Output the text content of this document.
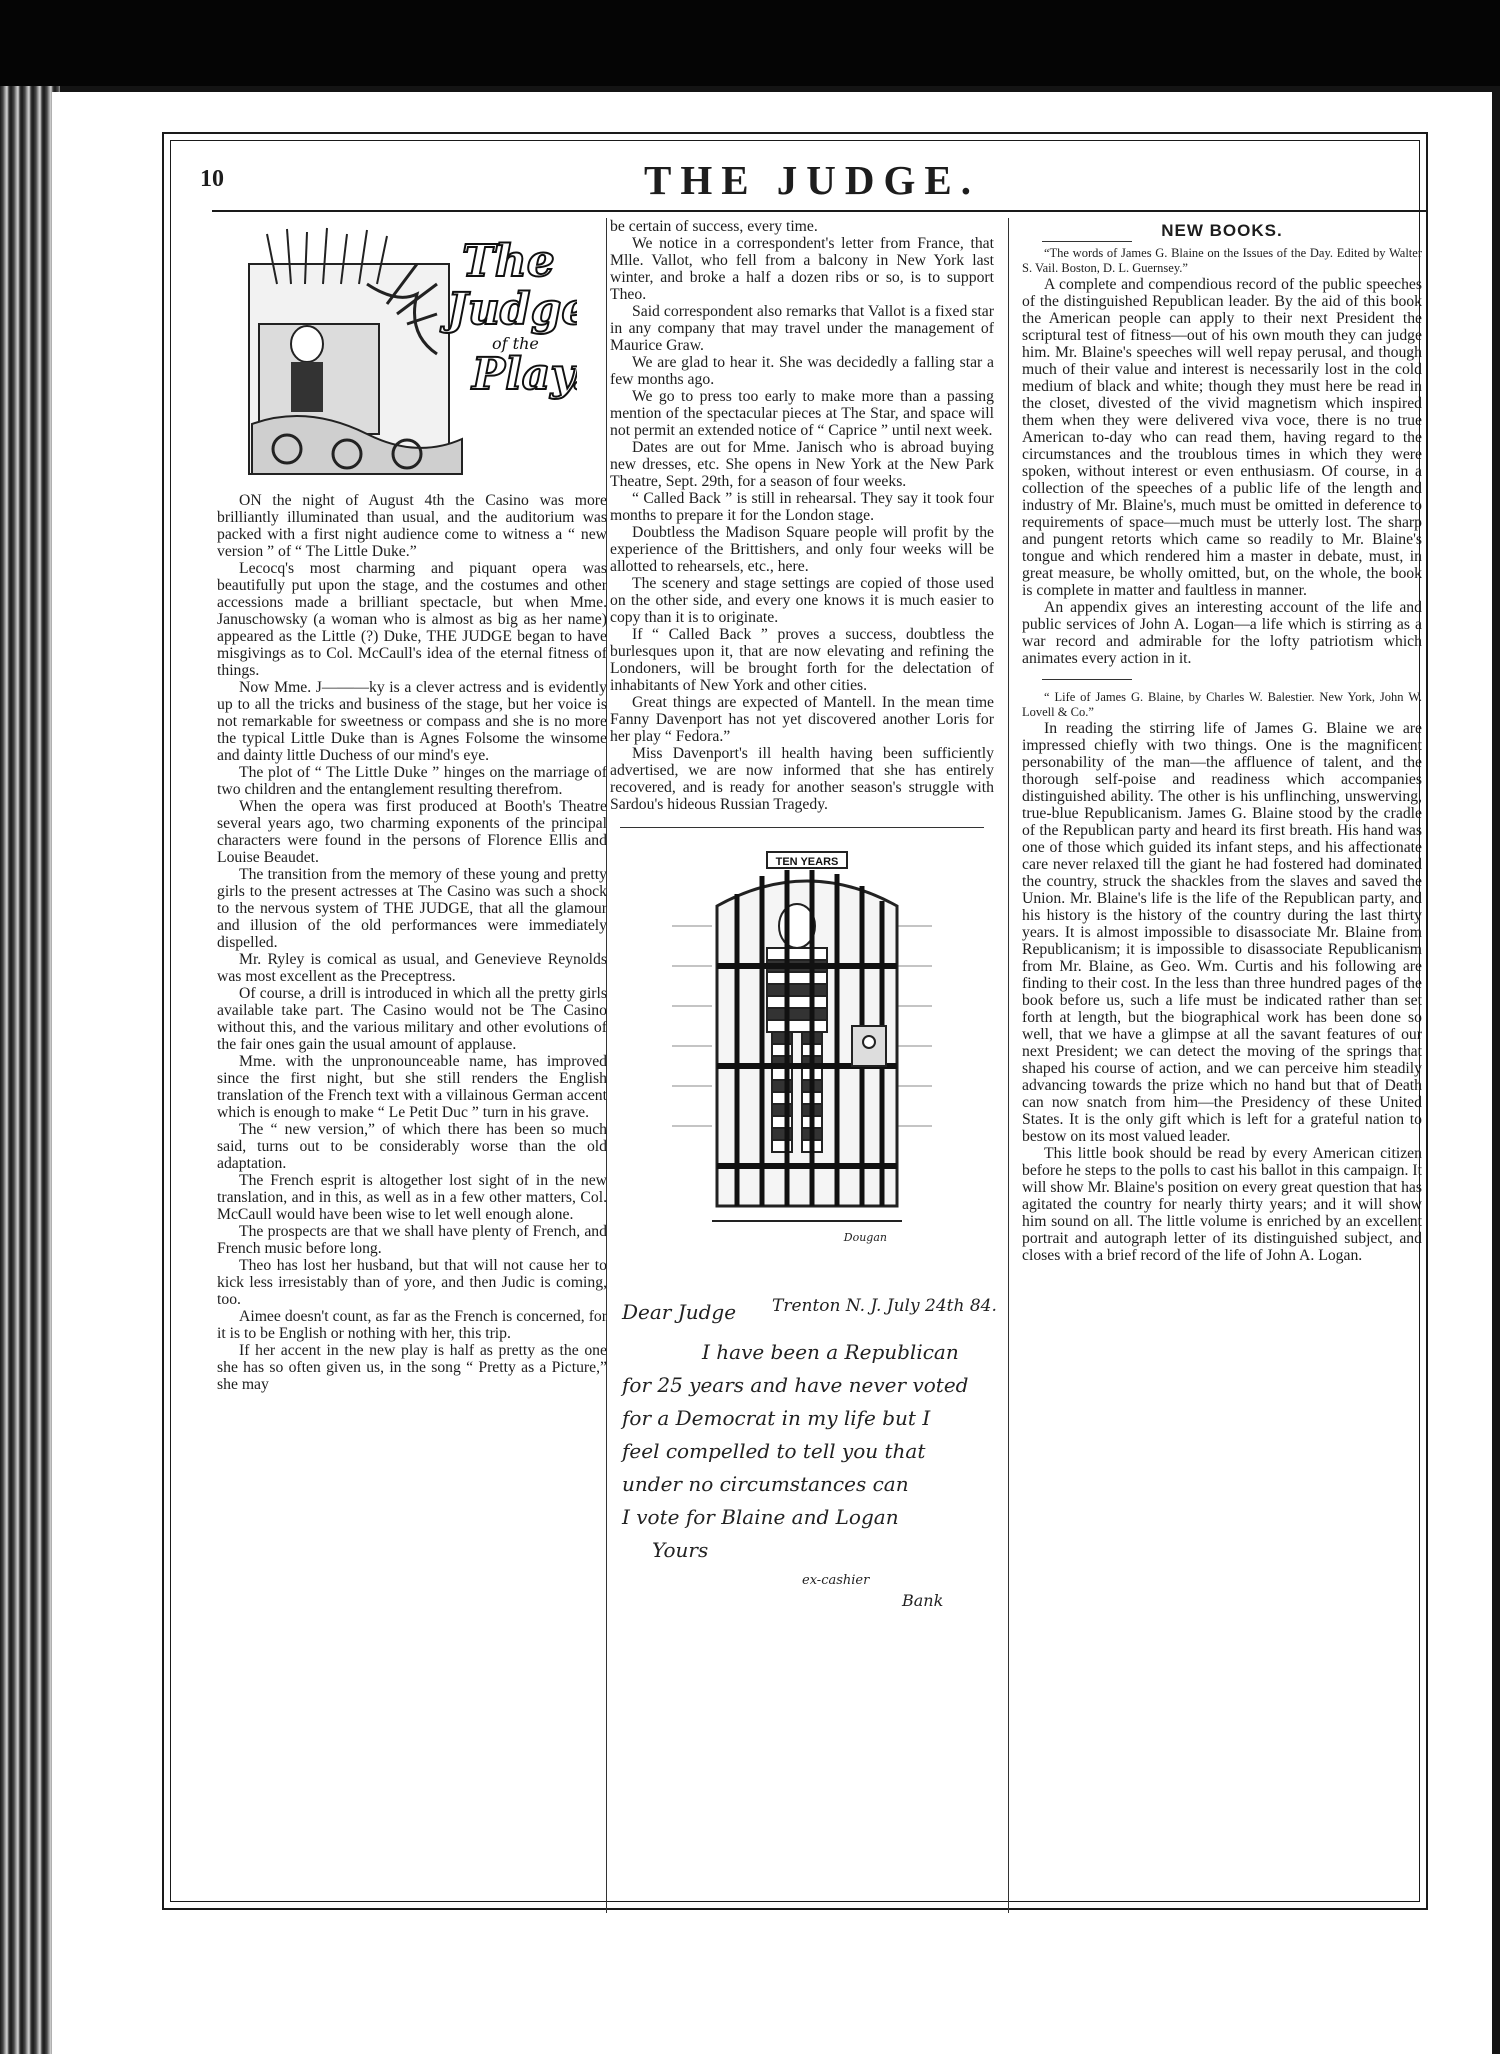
10	THE JUDGE.
The
Judge
of the
Play.

ON the night of August 4th the Casino was more brilliantly illuminated than usual, and the auditorium was packed with a first night audience come to witness a “ new version ” of “ The Little Duke.”

Lecocq's most charming and piquant opera was beautifully put upon the stage, and the costumes and other accessions made a brilliant spectacle, but when Mme. Januschowsky (a woman who is almost as big as her name) appeared as the Little (?) Duke, THE JUDGE began to have misgivings as to Col. McCaull's idea of the eternal fitness of things.

Now Mme. J———ky is a clever actress and is evidently up to all the tricks and business of the stage, but her voice is not remarkable for sweetness or compass and she is no more the typical Little Duke than is Agnes Folsome the winsome and dainty little Duchess of our mind's eye.

The plot of “ The Little Duke ” hinges on the marriage of two children and the entanglement resulting therefrom.

When the opera was first produced at Booth's Theatre several years ago, two charming exponents of the principal characters were found in the persons of Florence Ellis and Louise Beaudet.

The transition from the memory of these young and pretty girls to the present actresses at The Casino was such a shock to the nervous system of THE JUDGE, that all the glamour and illusion of the old performances were immediately dispelled.

Mr. Ryley is comical as usual, and Genevieve Reynolds was most excellent as the Preceptress.

Of course, a drill is introduced in which all the pretty girls available take part. The Casino would not be The Casino without this, and the various military and other evolutions of the fair ones gain the usual amount of applause.

Mme. with the unpronounceable name, has improved since the first night, but she still renders the English translation of the French text with a villainous German accent which is enough to make “ Le Petit Duc ” turn in his grave.

The “ new version,” of which there has been so much said, turns out to be considerably worse than the old adaptation.

The French esprit is altogether lost sight of in the new translation, and in this, as well as in a few other matters, Col. McCaull would have been wise to let well enough alone.

The prospects are that we shall have plenty of French, and French music before long.

Theo has lost her husband, but that will not cause her to kick less irresistably than of yore, and then Judic is coming, too.

Aimee doesn't count, as far as the French is concerned, for it is to be English or nothing with her, this trip.

If her accent in the new play is half as pretty as the one she has so often given us, in the song “ Pretty as a Picture,” she may

be certain of success, every time.

We notice in a correspondent's letter from France, that Mlle. Vallot, who fell from a balcony in New York last winter, and broke a half a dozen ribs or so, is to support Theo.

Said correspondent also remarks that Vallot is a fixed star in any company that may travel under the management of Maurice Graw.

We are glad to hear it. She was decidedly a falling star a few months ago.

We go to press too early to make more than a passing mention of the spectacular pieces at The Star, and space will not permit an extended notice of “ Caprice ” until next week.

Dates are out for Mme. Janisch who is abroad buying new dresses, etc. She opens in New York at the New Park Theatre, Sept. 29th, for a season of four weeks.

“ Called Back ” is still in rehearsal. They say it took four months to prepare it for the London stage.

Doubtless the Madison Square people will profit by the experience of the Brittishers, and only four weeks will be allotted to rehearsels, etc., here.

The scenery and stage settings are copied of those used on the other side, and every one knows it is much easier to copy than it is to originate.

If “ Called Back ” proves a success, doubtless the burlesques upon it, that are now elevating and refining the Londoners, will be brought forth for the delectation of inhabitants of New York and other cities.

Great things are expected of Mantell. In the mean time Fanny Davenport has not yet discovered another Loris for her play “ Fedora.”

Miss Davenport's ill health having been sufficiently advertised, we are now informed that she has entirely recovered, and is ready for another season's struggle with Sardou's hideous Russian Tragedy.

TEN YEARS
Dougan
Dear Judge Trenton N. J. July 24th 84.
I have been a Republican
for 25 years and have never voted
for a Democrat in my life but I
feel compelled to tell you that
under no circumstances can
I vote for Blaine and Logan
Yours
ex-cashier
Bank
NEW BOOKS.

“The words of James G. Blaine on the Issues of the Day. Edited by Walter S. Vail. Boston, D. L. Guernsey.”

A complete and compendious record of the public speeches of the distinguished Republican leader. By the aid of this book the American people can apply to their next President the scriptural test of fitness—out of his own mouth they can judge him. Mr. Blaine's speeches will well repay perusal, and though much of their value and interest is necessarily lost in the cold medium of black and white; though they must here be read in the closet, divested of the vivid magnetism which inspired them when they were delivered viva voce, there is no true American to-day who can read them, having regard to the circumstances and the troublous times in which they were spoken, without interest or even enthusiasm. Of course, in a collection of the speeches of a public life of the length and industry of Mr. Blaine's, much must be omitted in deference to requirements of space—much must be utterly lost. The sharp and pungent retorts which came so readily to Mr. Blaine's tongue and which rendered him a master in debate, must, in great measure, be wholly omitted, but, on the whole, the book is complete in matter and faultless in manner.

An appendix gives an interesting account of the life and public services of John A. Logan—a life which is stirring as a war record and admirable for the lofty patriotism which animates every action in it.

“ Life of James G. Blaine, by Charles W. Balestier. New York, John W. Lovell & Co.”

In reading the stirring life of James G. Blaine we are impressed chiefly with two things. One is the magnificent personability of the man—the affluence of talent, and the thorough self-poise and readiness which accompanies distinguished ability. The other is his unflinching, unswerving, true-blue Republicanism. James G. Blaine stood by the cradle of the Republican party and heard its first breath. His hand was one of those which guided its infant steps, and his affectionate care never relaxed till the giant he had fostered had dominated the country, struck the shackles from the slaves and saved the Union. Mr. Blaine's life is the life of the Republican party, and his history is the history of the country during the last thirty years. It is almost impossible to disassociate Mr. Blaine from Republicanism; it is impossible to disassociate Republicanism from Mr. Blaine, as Geo. Wm. Curtis and his following are finding to their cost. In the less than three hundred pages of the book before us, such a life must be indicated rather than set forth at length, but the biographical work has been done so well, that we have a glimpse at all the savant features of our next President; we can detect the moving of the springs that shaped his course of action, and we can perceive him steadily advancing towards the prize which no hand but that of Death can now snatch from him—the Presidency of these United States. It is the only gift which is left for a grateful nation to bestow on its most valued leader.

This little book should be read by every American citizen before he steps to the polls to cast his ballot in this campaign. It will show Mr. Blaine's position on every great question that has agitated the country for nearly thirty years; and it will show him sound on all. The little volume is enriched by an excellent portrait and autograph letter of its distinguished subject, and closes with a brief record of the life of John A. Logan.

comicbooks.com
